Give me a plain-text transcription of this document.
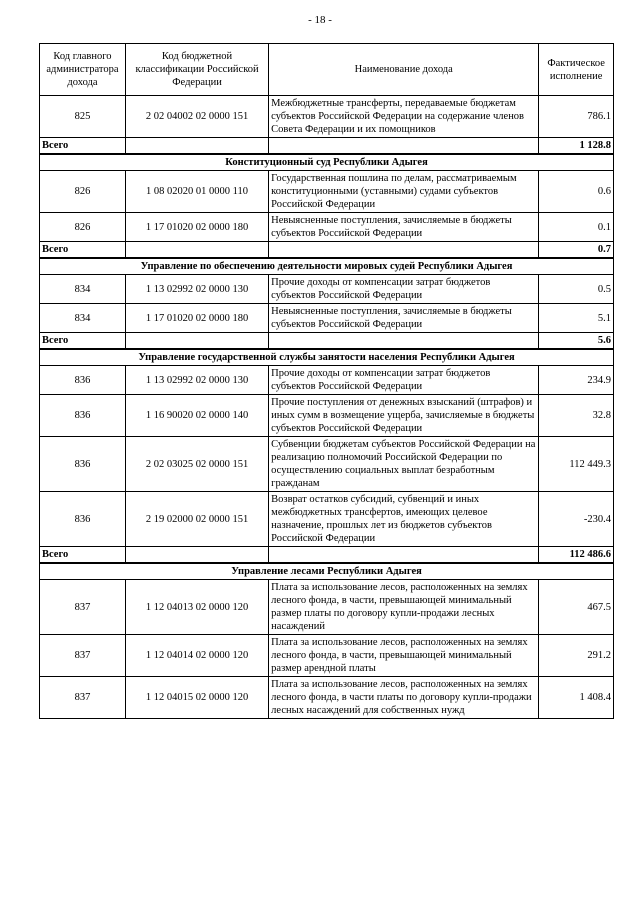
- 18 -
Код главного администратора дохода	Код бюджетной классификации Российской Федерации	Наименование дохода	Фактическое исполнение
825	2 02 04002 02 0000 151	Межбюджетные трансферты, передаваемые бюджетам субъектов Российской Федерации на содержание членов Совета Федерации и их помощников	786.1
Всего			1 128.8
Конституционный суд Республики Адыгея			
826	1 08 02020 01 0000 110	Государственная пошлина по делам, рассматриваемым конституционными (уставными) судами субъектов Российской Федерации	0.6
826	1 17 01020 02 0000 180	Невыясненные поступления, зачисляемые в бюджеты субъектов Российской Федерации	0.1
Всего			0.7
Управление по обеспечению деятельности мировых судей Республики Адыгея			
834	1 13 02992 02 0000 130	Прочие доходы от компенсации затрат бюджетов субъектов Российской Федерации	0.5
834	1 17 01020 02 0000 180	Невыясненные поступления, зачисляемые в бюджеты субъектов Российской Федерации	5.1
Всего			5.6
Управление государственной службы занятости населения Республики Адыгея			
836	1 13 02992 02 0000 130	Прочие доходы от компенсации затрат бюджетов субъектов Российской Федерации	234.9
836	1 16 90020 02 0000 140	Прочие поступления от денежных взысканий (штрафов) и иных сумм в возмещение ущерба, зачисляемые в бюджеты субъектов Российской Федерации	32.8
836	2 02 03025 02 0000 151	Субвенции бюджетам субъектов Российской Федерации на реализацию полномочий Российской Федерации по осуществлению социальных выплат безработным гражданам	112 449.3
836	2 19 02000 02 0000 151	Возврат остатков субсидий, субвенций и иных межбюджетных трансфертов, имеющих целевое назначение, прошлых лет из бюджетов субъектов Российской Федерации	-230.4
Всего			112 486.6
Управление лесами Республики Адыгея			
837	1 12 04013 02 0000 120	Плата за использование лесов, расположенных на землях лесного фонда, в части, превышающей минимальный размер платы по договору купли-продажи лесных насаждений	467.5
837	1 12 04014 02 0000 120	Плата за использование лесов, расположенных на землях лесного фонда, в части, превышающей минимальный размер арендной платы	291.2
837	1 12 04015 02 0000 120	Плата за использование лесов, расположенных на землях лесного фонда, в части платы по договору купли-продажи лесных насаждений для собственных нужд	1 408.4
